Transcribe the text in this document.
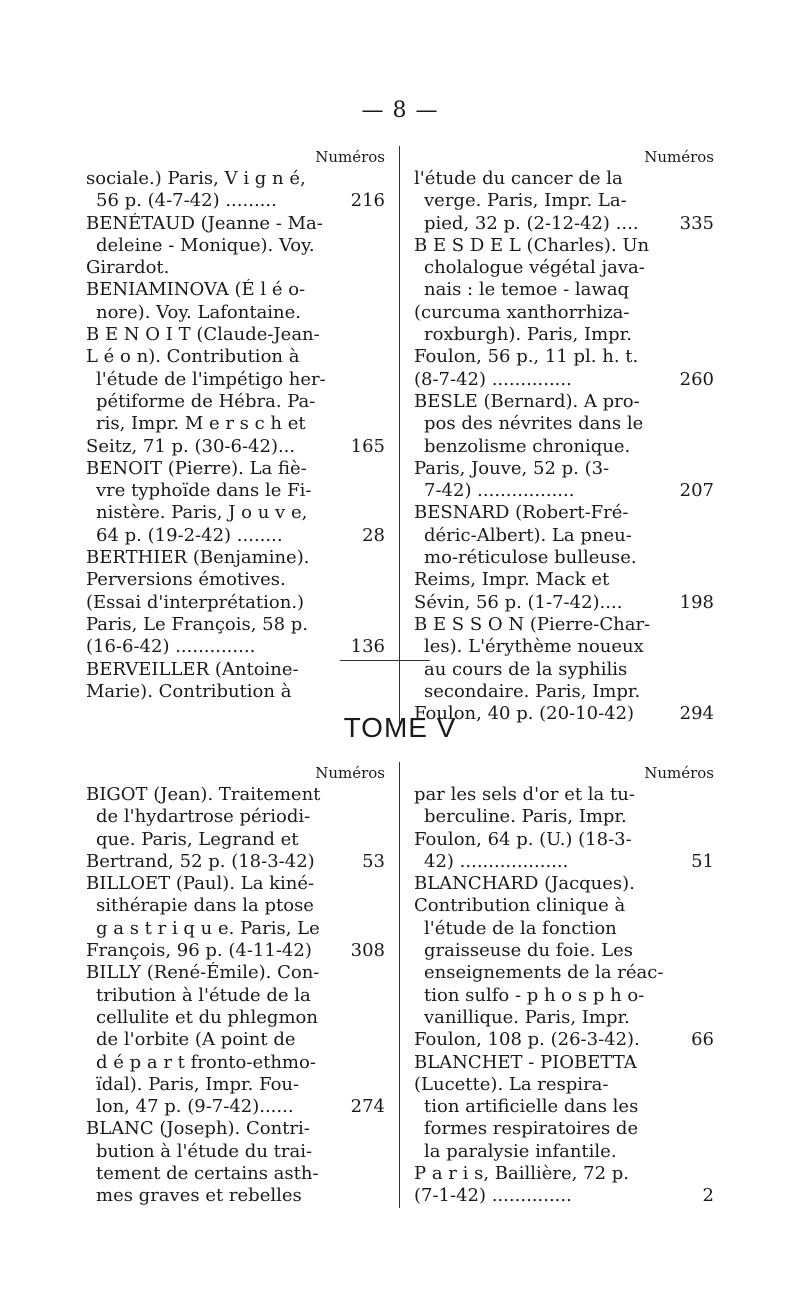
— 8 —
Numéros
sociale.) Paris, V i g n é,
56 p. (4-7-42) .........	216
BENÉTAUD (Jeanne - Ma-
deleine - Monique). Voy.
Girardot.
BENIAMINOVA (É l é o-
nore). Voy. Lafontaine.
B E N O I T (Claude-Jean-
L é o n). Contribution à
l'étude de l'impétigo her-
pétiforme de Hébra. Pa-
ris, Impr. M e r s c h et
Seitz, 71 p. (30-6-42)...	165
BENOIT (Pierre). La fiè-
vre typhoïde dans le Fi-
nistère. Paris, J o u v e,
64 p. (19-2-42) ........	28
BERTHIER (Benjamine).
Perversions émotives.
(Essai d'interprétation.)
Paris, Le François, 58 p.
(16-6-42) ..............	136
BERVEILLER (Antoine-
Marie). Contribution à
Numéros
l'étude du cancer de la
verge. Paris, Impr. La-
pied, 32 p. (2-12-42) ....	335
B E S D E L (Charles). Un
cholalogue végétal java-
nais : le temoe - lawaq
(curcuma xanthorrhiza-
roxburgh). Paris, Impr.
Foulon, 56 p., 11 pl. h. t.
(8-7-42) ..............	260
BESLE (Bernard). A pro-
pos des névrites dans le
benzolisme chronique.
Paris, Jouve, 52 p. (3-
7-42) .................	207
BESNARD (Robert-Fré-
déric-Albert). La pneu-
mo-réticulose bulleuse.
Reims, Impr. Mack et
Sévin, 56 p. (1-7-42)....	198
B E S S O N (Pierre-Char-
les). L'érythème noueux
au cours de la syphilis
secondaire. Paris, Impr.
Foulon, 40 p. (20-10-42)	294
TOME V
Numéros
BIGOT (Jean). Traitement
de l'hydartrose périodi-
que. Paris, Legrand et
Bertrand, 52 p. (18-3-42)	53
BILLOET (Paul). La kiné-
sithérapie dans la ptose
g a s t r i q u e. Paris, Le
François, 96 p. (4-11-42)	308
BILLY (René-Émile). Con-
tribution à l'étude de la
cellulite et du phlegmon
de l'orbite (A point de
d é p a r t fronto-ethmo-
ïdal). Paris, Impr. Fou-
lon, 47 p. (9-7-42)......	274
BLANC (Joseph). Contri-
bution à l'étude du trai-
tement de certains asth-
mes graves et rebelles
Numéros
par les sels d'or et la tu-
berculine. Paris, Impr.
Foulon, 64 p. (U.) (18-3-
42) ...................	51
BLANCHARD (Jacques).
Contribution clinique à
l'étude de la fonction
graisseuse du foie. Les
enseignements de la réac-
tion sulfo - p h o s p h o-
vanillique. Paris, Impr.
Foulon, 108 p. (26-3-42).	66
BLANCHET - PIOBETTA
(Lucette). La respira-
tion artificielle dans les
formes respiratoires de
la paralysie infantile.
P a r i s, Baillière, 72 p.
(7-1-42) ..............	2
